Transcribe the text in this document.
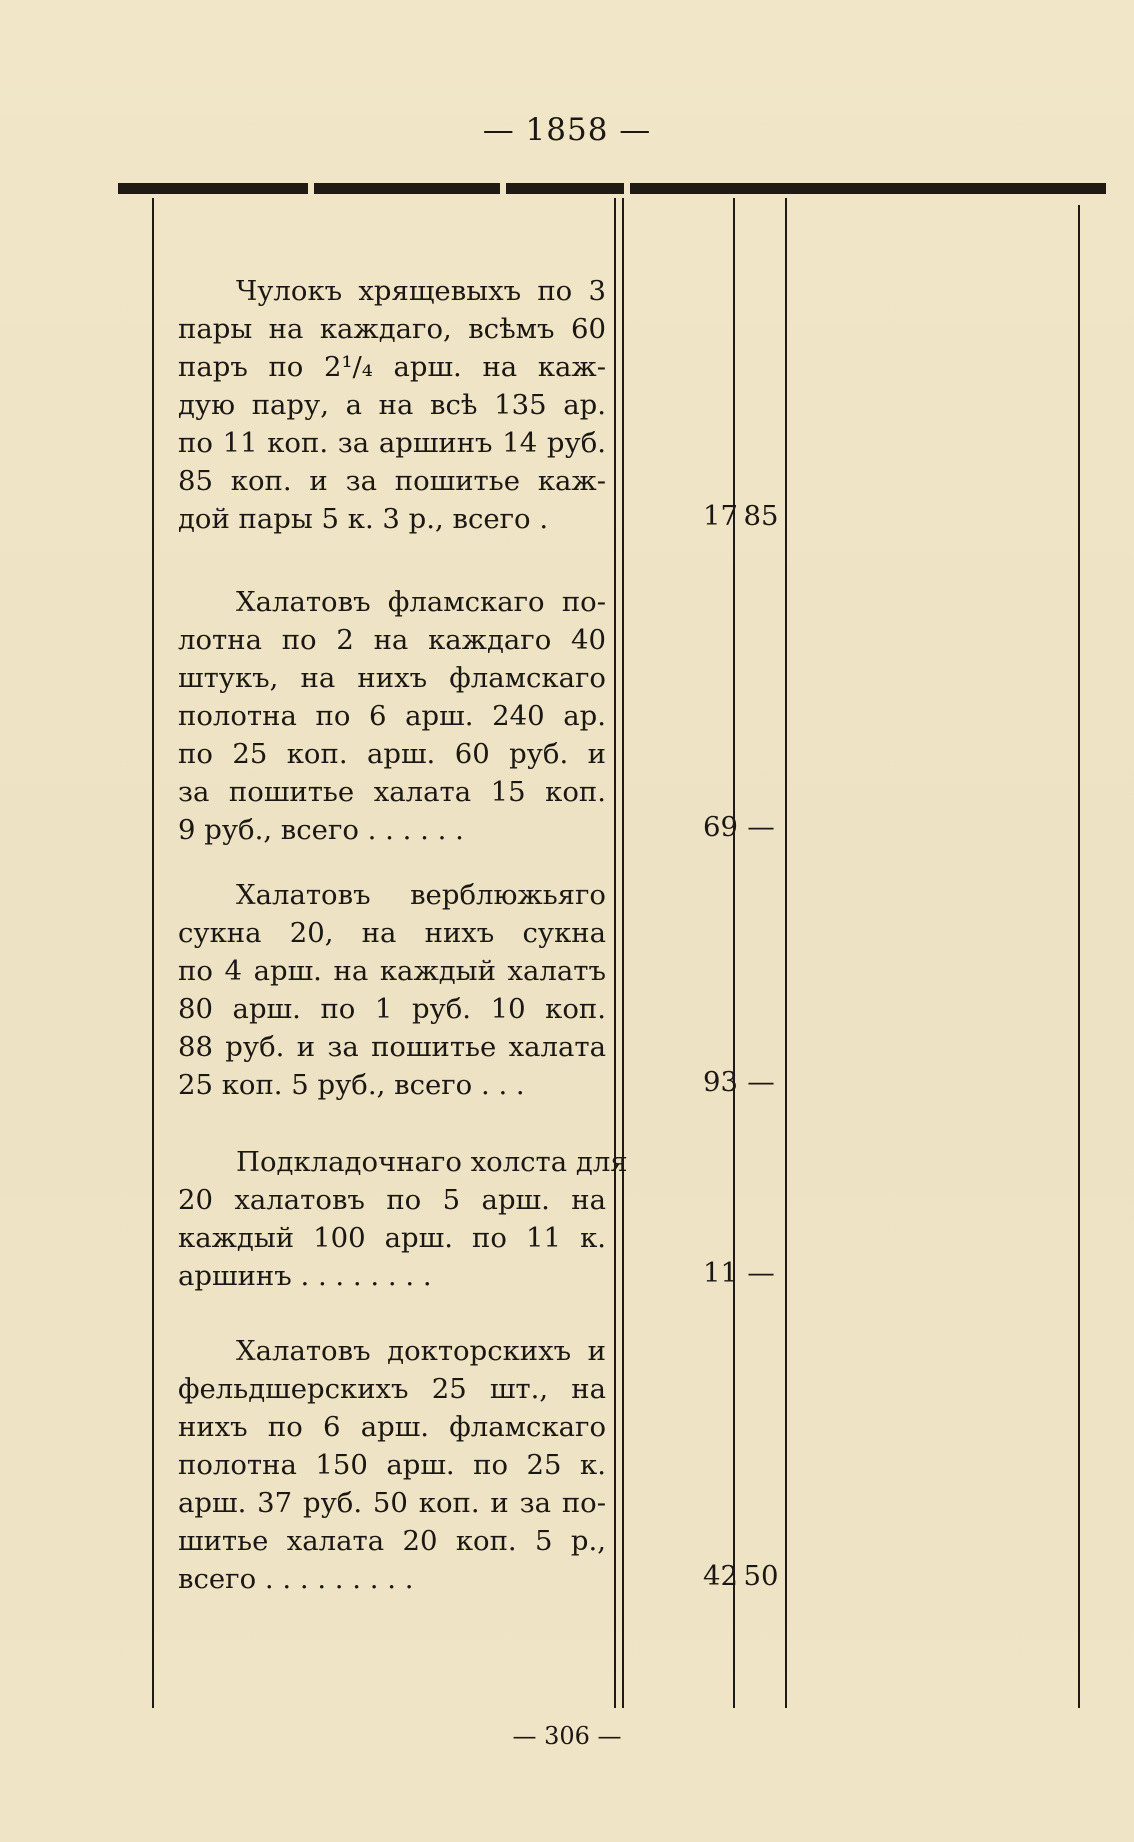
— 1858 —
Чулокъ хрящевыхъ по 3
пары на каждаго, всѣмъ 60
паръ по 2¹/₄ арш. на каж-
дую пару, а на всѣ 135 ар.
по 11 коп. за аршинъ 14 руб.
85 коп. и за пошитье каж-
дой пары 5 к. 3 р., всего .	17 85
Халатовъ фламскаго по-
лотна по 2 на каждаго 40
штукъ, на нихъ фламскаго
полотна по 6 арш. 240 ар.
по 25 коп. арш. 60 руб. и
за пошитье халата 15 коп.
9 руб., всего . . . . . .	69 —
Халатовъ верблюжьяго
сукна 20, на нихъ сукна
по 4 арш. на каждый халатъ
80 арш. по 1 руб. 10 коп.
88 руб. и за пошитье халата
25 коп. 5 руб., всего . . .	93 —
Подкладочнаго холста для
20 халатовъ по 5 арш. на
каждый 100 арш. по 11 к.
аршинъ . . . . . . . .	11 —
Халатовъ докторскихъ и
фельдшерскихъ 25 шт., на
нихъ по 6 арш. фламскаго
полотна 150 арш. по 25 к.
арш. 37 руб. 50 коп. и за по-
шитье халата 20 коп. 5 р.,
всего . . . . . . . . .	42 50
— 306 —
